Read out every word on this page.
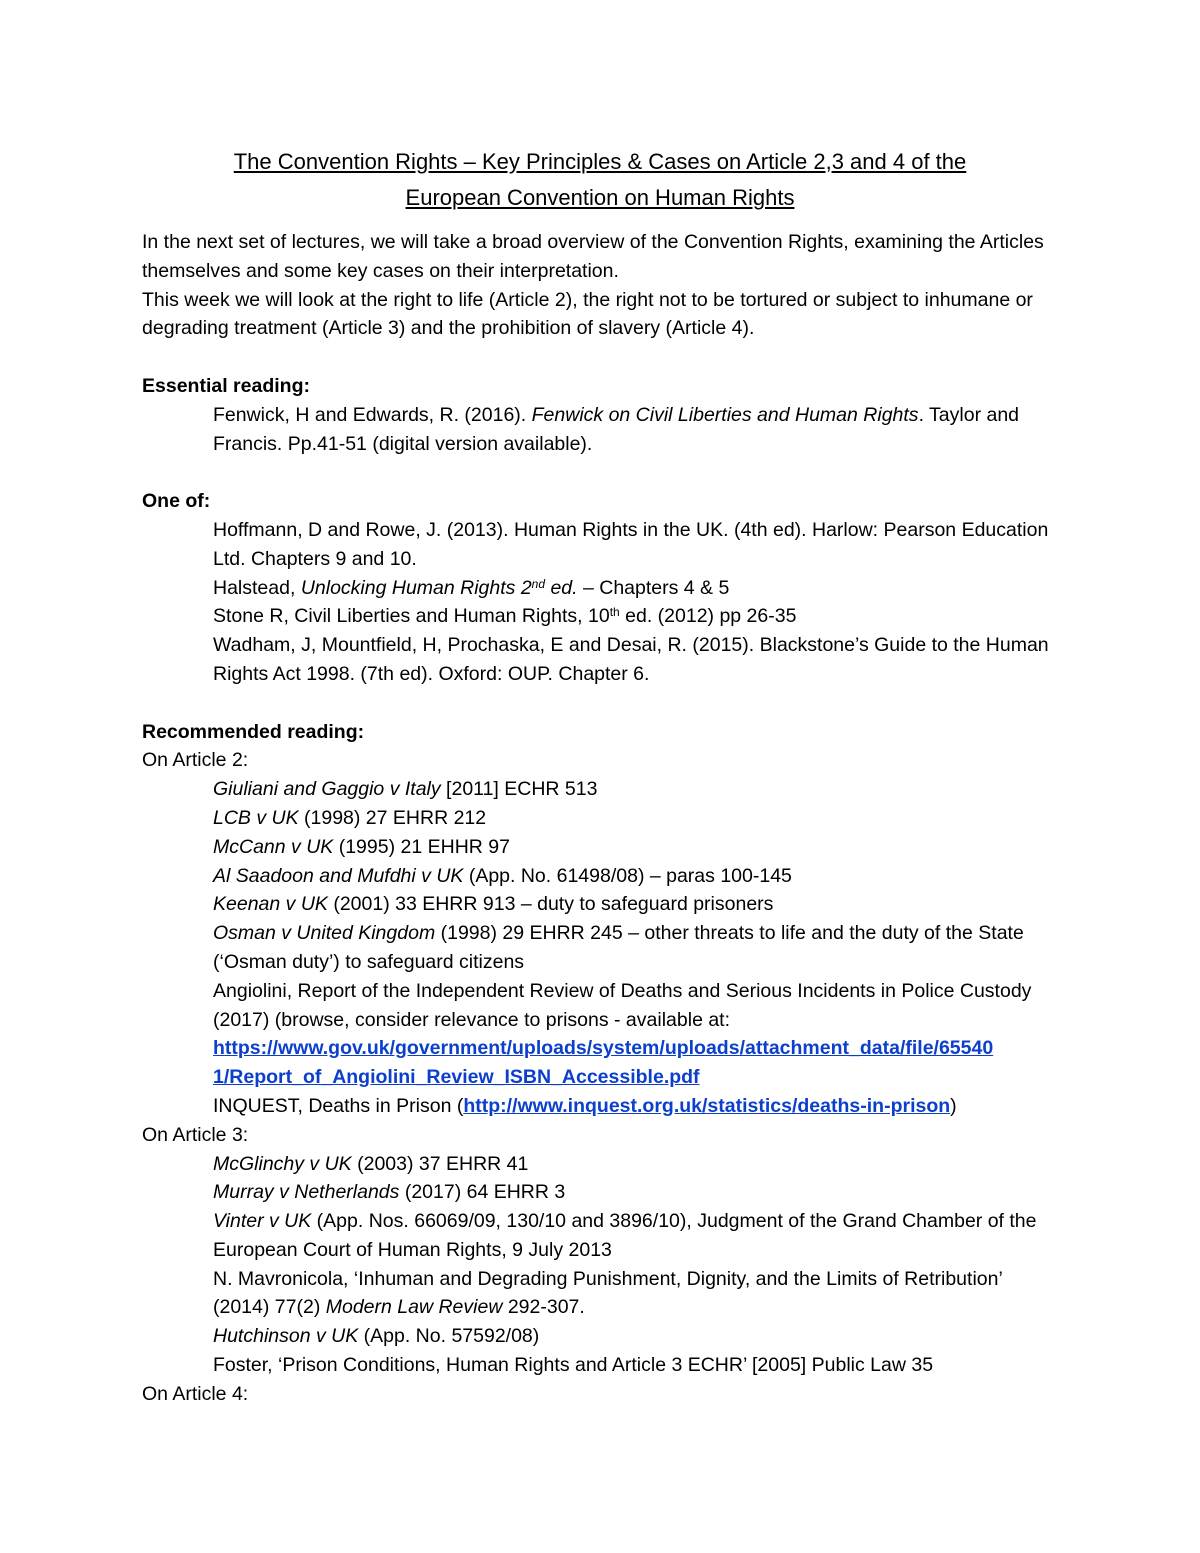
The Convention Rights – Key Principles & Cases on Article 2,3 and 4 of the
European Convention on Human Rights

In the next set of lectures, we will take a broad overview of the Convention Rights, examining the Articles themselves and some key cases on their interpretation.

This week we will look at the right to life (Article 2), the right not to be tortured or subject to inhumane or degrading treatment (Article 3) and the prohibition of slavery (Article 4).

Essential reading:

Fenwick, H and Edwards, R. (2016). Fenwick on Civil Liberties and Human Rights. Taylor and Francis. Pp.41-51 (digital version available).

One of:

Hoffmann, D and Rowe, J. (2013). Human Rights in the UK. (4th ed). Harlow: Pearson Education Ltd. Chapters 9 and 10.

Halstead, Unlocking Human Rights 2nd ed. – Chapters 4 & 5

Stone R, Civil Liberties and Human Rights, 10th ed. (2012) pp 26-35

Wadham, J, Mountfield, H, Prochaska, E and Desai, R. (2015). Blackstone’s Guide to the Human Rights Act 1998. (7th ed). Oxford: OUP. Chapter 6.

Recommended reading:

On Article 2:

Giuliani and Gaggio v Italy [2011] ECHR 513

LCB v UK (1998) 27 EHRR 212

McCann v UK (1995) 21 EHHR 97

Al Saadoon and Mufdhi v UK (App. No. 61498/08) – paras 100-145

Keenan v UK (2001) 33 EHRR 913 – duty to safeguard prisoners

Osman v United Kingdom (1998) 29 EHRR 245 – other threats to life and the duty of the State (‘Osman duty’) to safeguard citizens

Angiolini, Report of the Independent Review of Deaths and Serious Incidents in Police Custody (2017) (browse, consider relevance to prisons - available at:
https://www.gov.uk/government/uploads/system/uploads/attachment_data/file/65540
1/Report_of_Angiolini_Review_ISBN_Accessible.pdf

INQUEST, Deaths in Prison (http://www.inquest.org.uk/statistics/deaths-in-prison)

On Article 3:

McGlinchy v UK (2003) 37 EHRR 41

Murray v Netherlands (2017) 64 EHRR 3

Vinter v UK (App. Nos. 66069/09, 130/10 and 3896/10), Judgment of the Grand Chamber of the European Court of Human Rights, 9 July 2013

N. Mavronicola, ‘Inhuman and Degrading Punishment, Dignity, and the Limits of Retribution’ (2014) 77(2) Modern Law Review 292-307.

Hutchinson v UK (App. No. 57592/08)

Foster, ‘Prison Conditions, Human Rights and Article 3 ECHR’ [2005] Public Law 35

On Article 4:
